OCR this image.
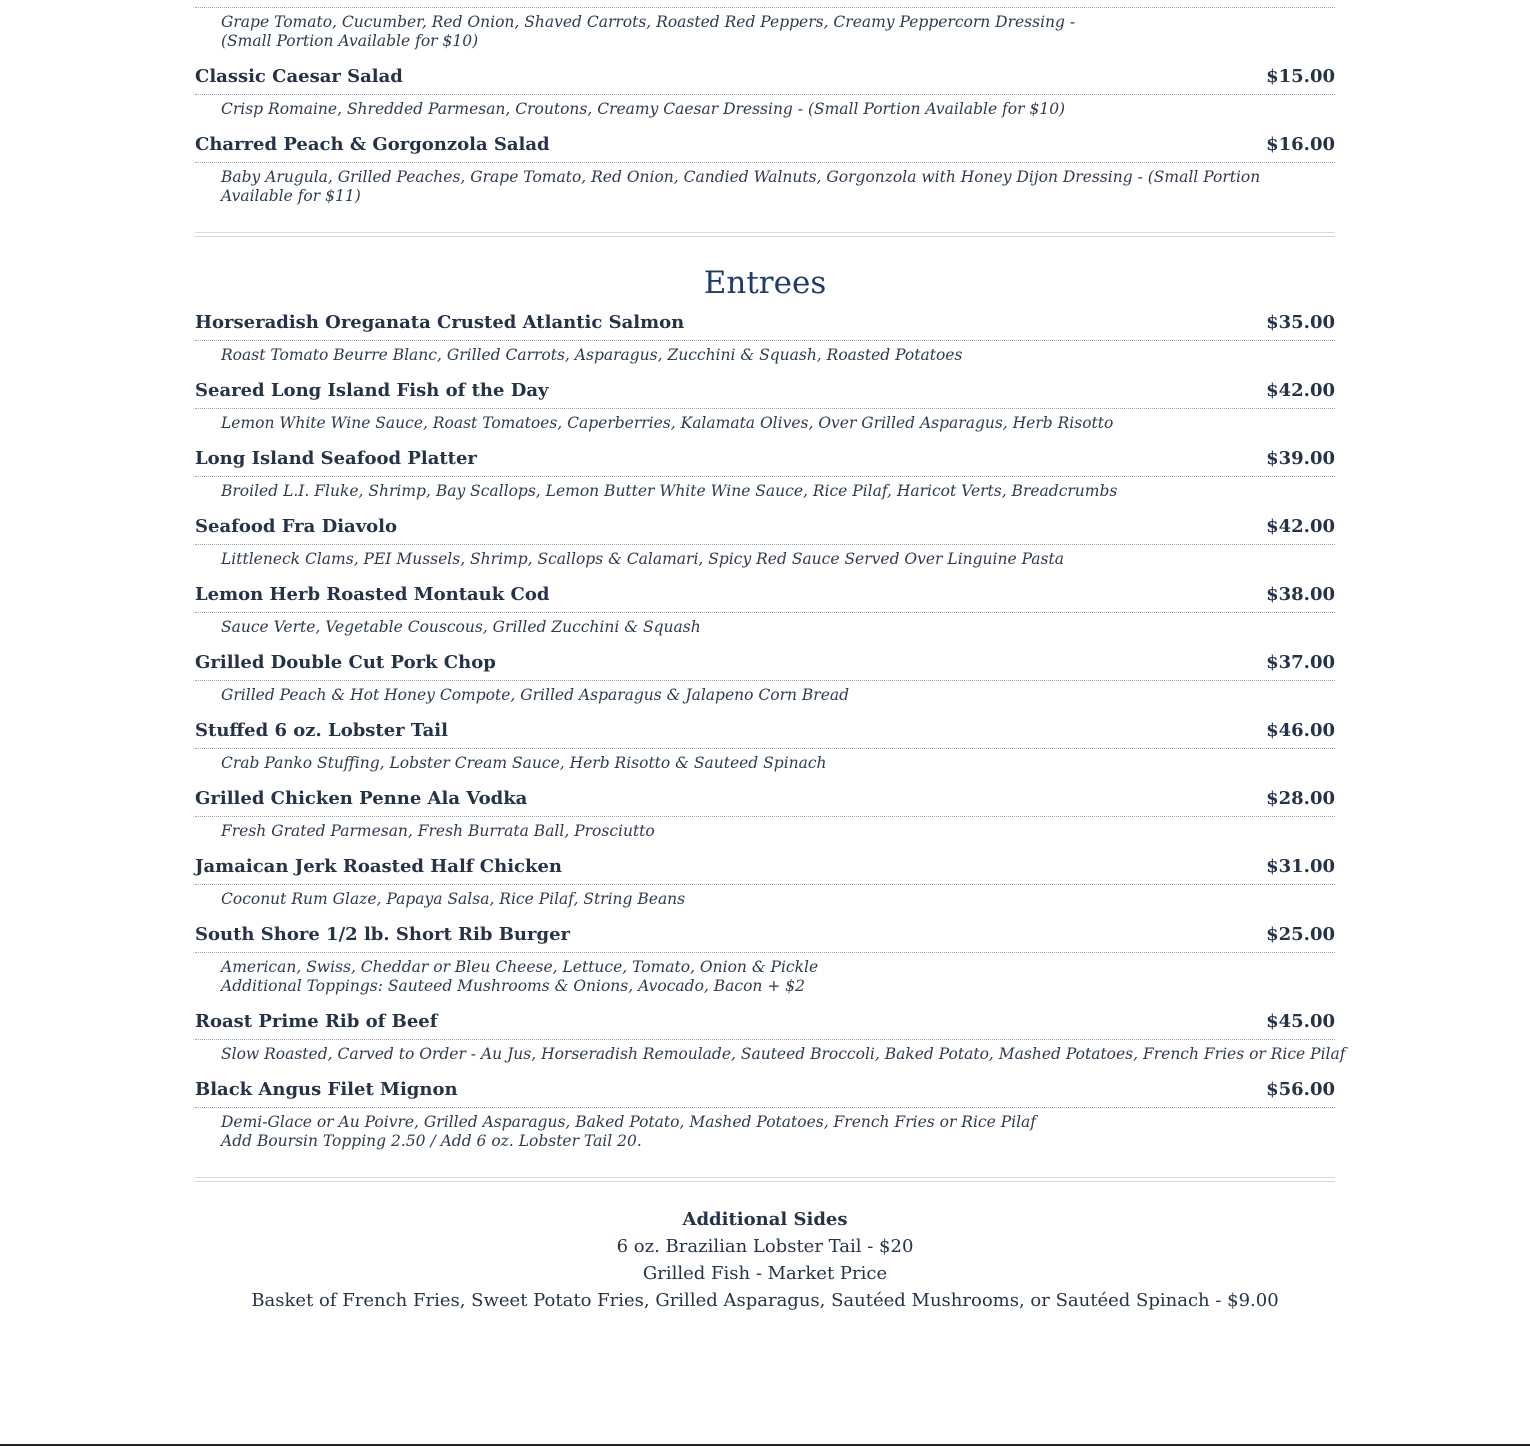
Grape Tomato, Cucumber, Red Onion, Shaved Carrots, Roasted Red Peppers, Creamy Peppercorn Dressing -
(Small Portion Available for $10)
Classic Caesar Salad	$15.00
Crisp Romaine, Shredded Parmesan, Croutons, Creamy Caesar Dressing - (Small Portion Available for $10)
Charred Peach & Gorgonzola Salad	$16.00
Baby Arugula, Grilled Peaches, Grape Tomato, Red Onion, Candied Walnuts, Gorgonzola with Honey Dijon Dressing - (Small Portion
Available for $11)
Entrees
Horseradish Oreganata Crusted Atlantic Salmon	$35.00
Roast Tomato Beurre Blanc, Grilled Carrots, Asparagus, Zucchini & Squash, Roasted Potatoes
Seared Long Island Fish of the Day	$42.00
Lemon White Wine Sauce, Roast Tomatoes, Caperberries, Kalamata Olives, Over Grilled Asparagus, Herb Risotto
Long Island Seafood Platter	$39.00
Broiled L.I. Fluke, Shrimp, Bay Scallops, Lemon Butter White Wine Sauce, Rice Pilaf, Haricot Verts, Breadcrumbs
Seafood Fra Diavolo	$42.00
Littleneck Clams, PEI Mussels, Shrimp, Scallops & Calamari, Spicy Red Sauce Served Over Linguine Pasta
Lemon Herb Roasted Montauk Cod	$38.00
Sauce Verte, Vegetable Couscous, Grilled Zucchini & Squash
Grilled Double Cut Pork Chop	$37.00
Grilled Peach & Hot Honey Compote, Grilled Asparagus & Jalapeno Corn Bread
Stuffed 6 oz. Lobster Tail	$46.00
Crab Panko Stuffing, Lobster Cream Sauce, Herb Risotto & Sauteed Spinach
Grilled Chicken Penne Ala Vodka	$28.00
Fresh Grated Parmesan, Fresh Burrata Ball, Prosciutto
Jamaican Jerk Roasted Half Chicken	$31.00
Coconut Rum Glaze, Papaya Salsa, Rice Pilaf, String Beans
South Shore 1/2 lb. Short Rib Burger	$25.00
American, Swiss, Cheddar or Bleu Cheese, Lettuce, Tomato, Onion & Pickle
Additional Toppings: Sauteed Mushrooms & Onions, Avocado, Bacon + $2
Roast Prime Rib of Beef	$45.00
Slow Roasted, Carved to Order - Au Jus, Horseradish Remoulade, Sauteed Broccoli, Baked Potato, Mashed Potatoes, French Fries or Rice Pilaf
Black Angus Filet Mignon	$56.00
Demi-Glace or Au Poivre, Grilled Asparagus, Baked Potato, Mashed Potatoes, French Fries or Rice Pilaf
Add Boursin Topping 2.50 / Add 6 oz. Lobster Tail 20.
Additional Sides
6 oz. Brazilian Lobster Tail - $20
Grilled Fish - Market Price
Basket of French Fries, Sweet Potato Fries, Grilled Asparagus, Sautéed Mushrooms, or Sautéed Spinach - $9.00
